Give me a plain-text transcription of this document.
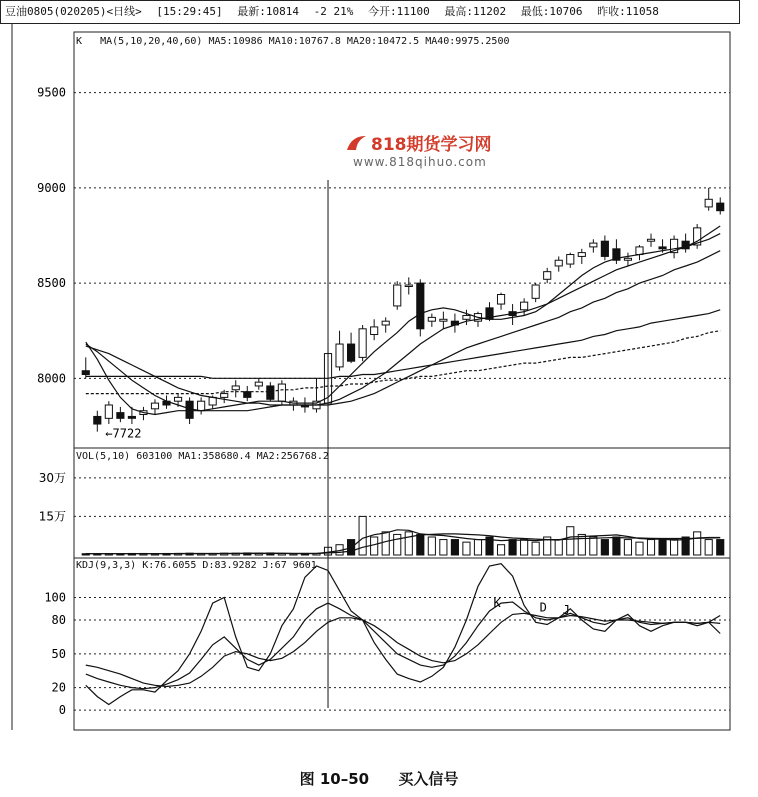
8000
8500
9000
9500
←7722
30万
15万
0
20
50
80
100
J
D
K
豆油0805(020205)<日线> [15:29:45] 最新:10814 -2 21% 今开:11100 最高:11202 最低:10706 昨收:11058
K MA(5,10,20,40,60) MA5:10986 MA10:10767.8 MA20:10472.5 MA40:9975.2500
VOL(5,10) 603100 MA1:358680.4 MA2:256768.2
KDJ(9,3,3) K:76.6055 D:83.9282 J:67 9601
818期货学习网
www.818qihuo.com
图 10–50 买入信号
